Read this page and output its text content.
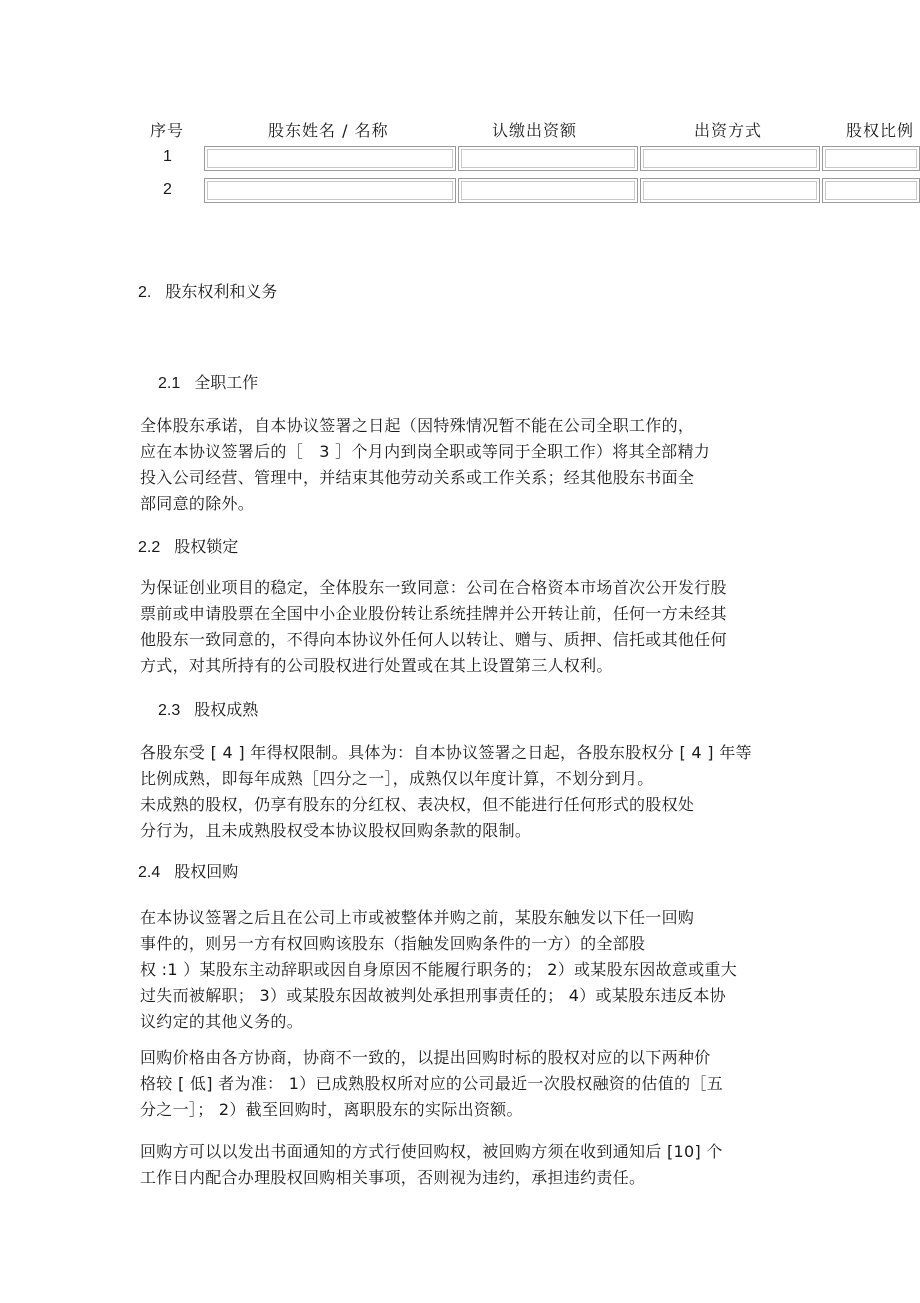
序号	股东姓名 / 名称	认缴出资额	出资方式	股权比例
1
2
2. 股东权利和义务
2.1 全职工作
全体股东承诺，自本协议签署之日起（因特殊情况暂不能在公司全职工作的，
应在本协议签署后的［　3 ］个月内到岗全职或等同于全职工作）将其全部精力
投入公司经营、管理中，并结束其他劳动关系或工作关系；经其他股东书面全
部同意的除外。
2.2 股权锁定
为保证创业项目的稳定，全体股东一致同意：公司在合格资本市场首次公开发行股
票前或申请股票在全国中小企业股份转让系统挂牌并公开转让前，任何一方未经其
他股东一致同意的，不得向本协议外任何人以转让、赠与、质押、信托或其他任何
方式，对其所持有的公司股权进行处置或在其上设置第三人权利。
2.3 股权成熟
各股东受 [ 4 ] 年得权限制。具体为：自本协议签署之日起，各股东股权分 [ 4 ] 年等
比例成熟，即每年成熟［四分之一］，成熟仅以年度计算，不划分到月。
未成熟的股权，仍享有股东的分红权、表决权，但不能进行任何形式的股权处
分行为，且未成熟股权受本协议股权回购条款的限制。
2.4 股权回购
在本协议签署之后且在公司上市或被整体并购之前，某股东触发以下任一回购
事件的，则另一方有权回购该股东（指触发回购条件的一方）的全部股
权 :1 ）某股东主动辞职或因自身原因不能履行职务的； 2）或某股东因故意或重大
过失而被解职； 3）或某股东因故被判处承担刑事责任的； 4）或某股东违反本协
议约定的其他义务的。
回购价格由各方协商，协商不一致的，以提出回购时标的股权对应的以下两种价
格较 [ 低] 者为准： 1）已成熟股权所对应的公司最近一次股权融资的估值的［五
分之一］； 2）截至回购时，离职股东的实际出资额。
回购方可以以发出书面通知的方式行使回购权，被回购方须在收到通知后 [10] 个
工作日内配合办理股权回购相关事项，否则视为违约，承担违约责任。
